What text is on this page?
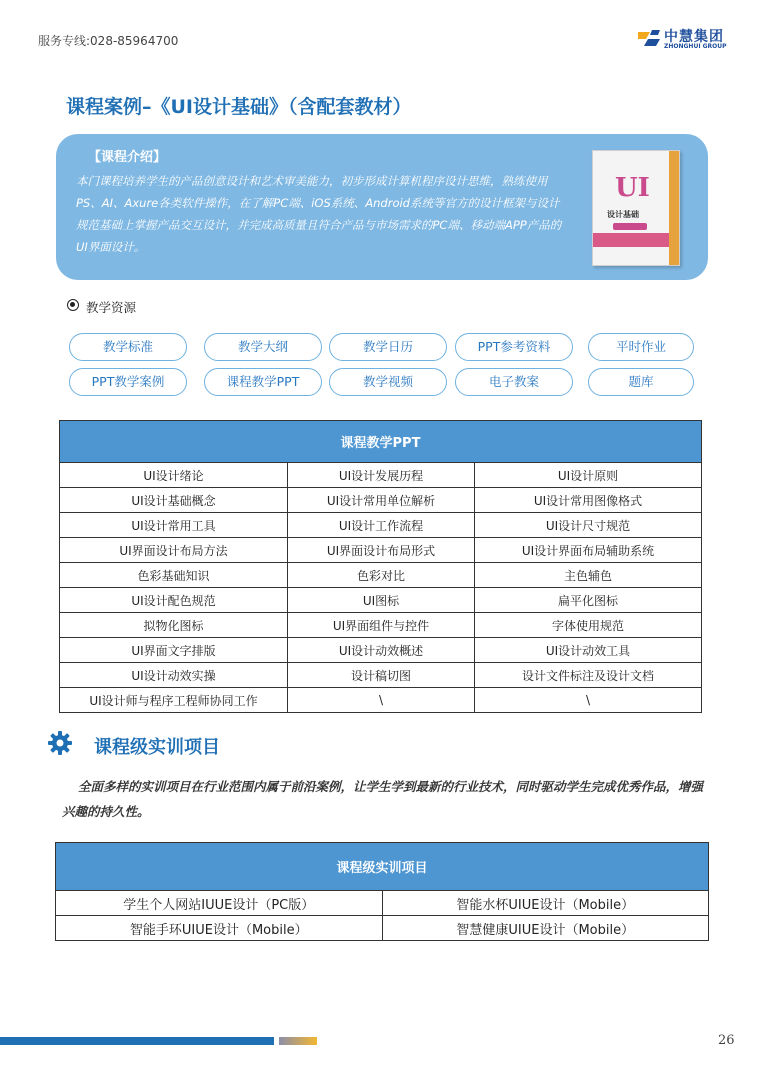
服务专线:028-85964700	中慧集团
ZHONGHUI GROUP
课程案例–《UI设计基础》（含配套教材）
【课程介绍】
本门课程培养学生的产品创意设计和艺术审美能力，初步形成计算机程序设计思维，熟练使用PS、AI、Axure各类软件操作，在了解PC端、iOS系统、Android系统等官方的设计框架与设计规范基础上掌握产品交互设计，并完成高质量且符合产品与市场需求的PC端、移动端APP产品的UI界面设计。
UI
设计基础
教学资源
教学标准	教学大纲	教学日历	PPT参考资料	平时作业
PPT教学案例	课程教学PPT	教学视频	电子教案	题库
课程教学PPT		
UI设计绪论	UI设计发展历程	UI设计原则
UI设计基础概念	UI设计常用单位解析	UI设计常用图像格式
UI设计常用工具	UI设计工作流程	UI设计尺寸规范
UI界面设计布局方法	UI界面设计布局形式	UI设计界面布局辅助系统
色彩基础知识	色彩对比	主色辅色
UI设计配色规范	UI图标	扁平化图标
拟物化图标	UI界面组件与控件	字体使用规范
UI界面文字排版	UI设计动效概述	UI设计动效工具
UI设计动效实操	设计稿切图	设计文件标注及设计文档
UI设计师与程序工程师协同工作	\	\
课程级实训项目
全面多样的实训项目在行业范围内属于前沿案例，让学生学到最新的行业技术，同时驱动学生完成优秀作品，增强兴趣的持久性。
课程级实训项目	
学生个人网站IUUE设计（PC版）	智能水杯UIUE设计（Mobile）
智能手环UIUE设计（Mobile）	智慧健康UIUE设计（Mobile）
26
